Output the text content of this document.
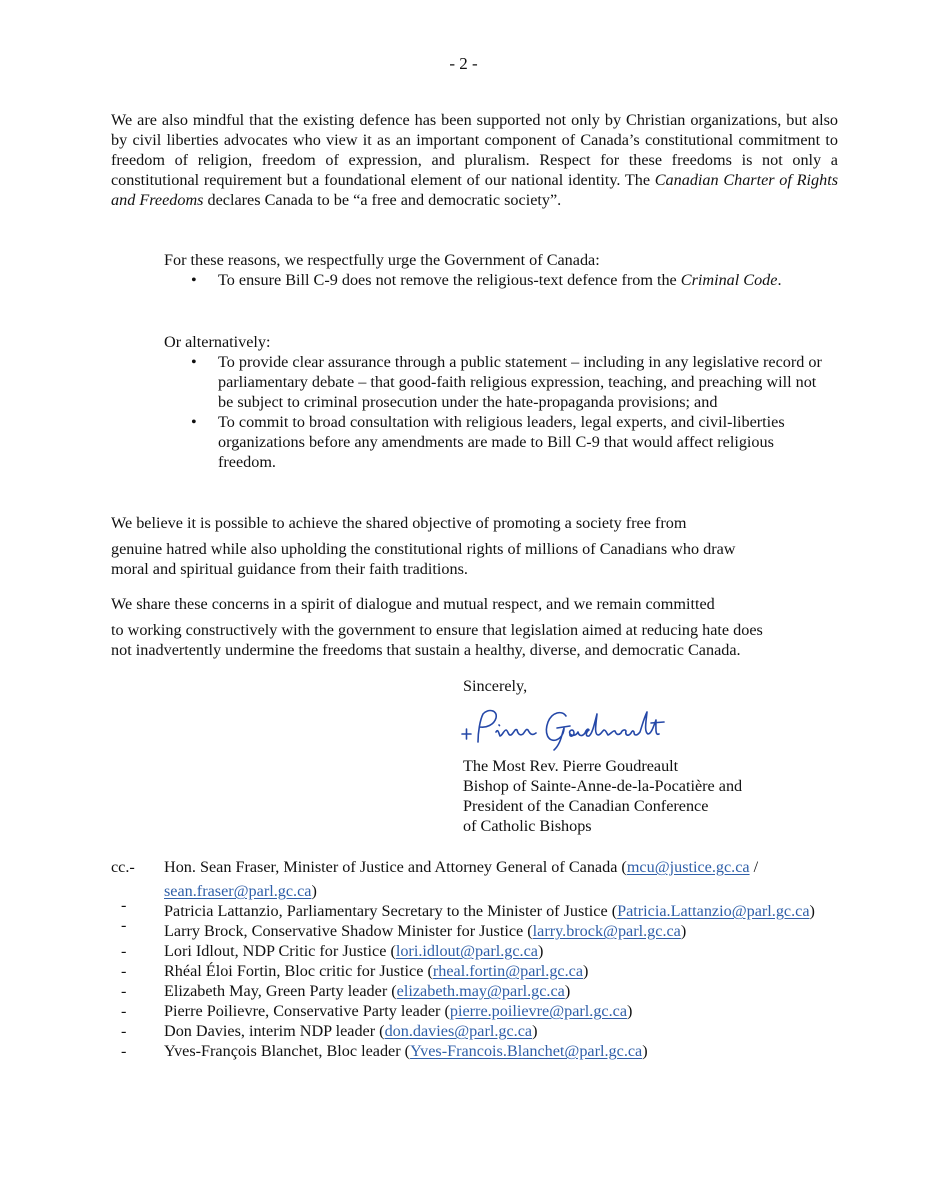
- 2 -
We are also mindful that the existing defence has been supported not only by Christian organizations, but also by civil liberties advocates who view it as an important component of Canada’s constitutional commitment to freedom of religion, freedom of expression, and pluralism. Respect for these freedoms is not only a constitutional requirement but a foundational element of our national identity. The Canadian Charter of Rights and Freedoms declares Canada to be “a free and democratic society”.
For these reasons, we respectfully urge the Government of Canada:
• To ensure Bill C-9 does not remove the religious-text defence from the Criminal Code.
Or alternatively:
• To provide clear assurance through a public statement – including in any legislative record or parliamentary debate – that good-faith religious expression, teaching, and preaching will not be subject to criminal prosecution under the hate-propaganda provisions; and
• To commit to broad consultation with religious leaders, legal experts, and civil-liberties organizations before any amendments are made to Bill C-9 that would affect religious freedom.

We believe it is possible to achieve the shared objective of promoting a society free from

genuine hatred while also upholding the constitutional rights of millions of Canadians who draw

moral and spiritual guidance from their faith traditions.

We share these concerns in a spirit of dialogue and mutual respect, and we remain committed

to working constructively with the government to ensure that legislation aimed at reducing hate does

not inadvertently undermine the freedoms that sustain a healthy, diverse, and democratic Canada.

Sincerely,

The Most Rev. Pierre Goudreault

Bishop of Sainte-Anne-de-la-Pocatière and

President of the Canadian Conference

of Catholic Bishops

cc.- Hon. Sean Fraser, Minister of Justice and Attorney General of Canada (mcu@justice.gc.ca /
sean.fraser@parl.gc.ca)
- Patricia Lattanzio, Parliamentary Secretary to the Minister of Justice (Patricia.Lattanzio@parl.gc.ca)
- Larry Brock, Conservative Shadow Minister for Justice (larry.brock@parl.gc.ca)
- Lori Idlout, NDP Critic for Justice (lori.idlout@parl.gc.ca)
- Rhéal Éloi Fortin, Bloc critic for Justice (rheal.fortin@parl.gc.ca)
- Elizabeth May, Green Party leader (elizabeth.may@parl.gc.ca)
- Pierre Poilievre, Conservative Party leader (pierre.poilievre@parl.gc.ca)
- Don Davies, interim NDP leader (don.davies@parl.gc.ca)
- Yves-François Blanchet, Bloc leader (Yves-Francois.Blanchet@parl.gc.ca)
